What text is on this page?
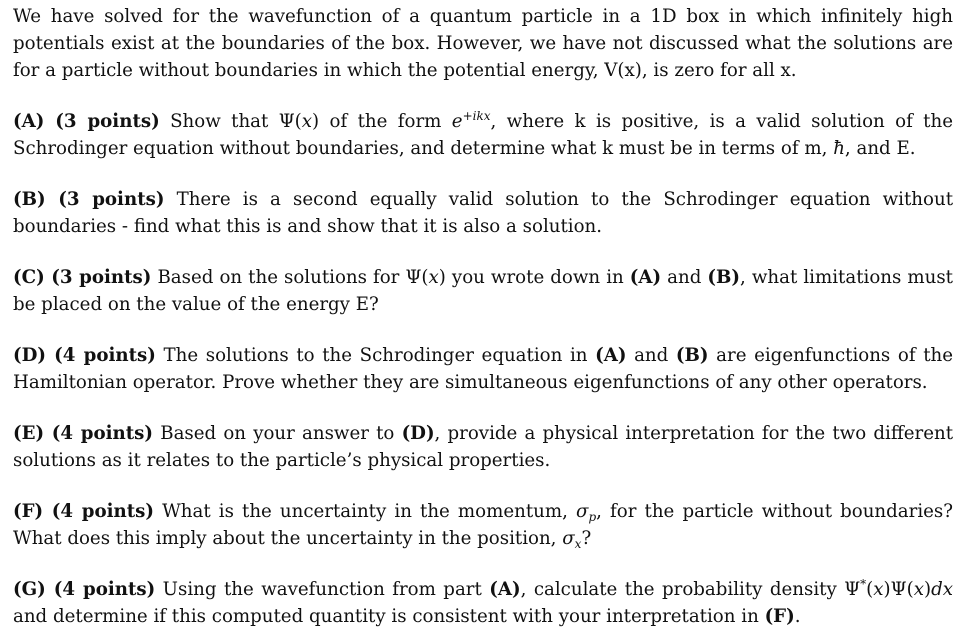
We have solved for the wavefunction of a quantum particle in a 1D box in which infinitely high potentials exist at the boundaries of the box. However, we have not discussed what the solutions are for a particle without boundaries in which the potential energy, V(x), is zero for all x.

(A) (3 points) Show that Ψ(x) of the form $e^{+ikx}$, where k is positive, is a valid solution of the Schrodinger equation without boundaries, and determine what k must be in terms of m, ħ, and E.

(B) (3 points) There is a second equally valid solution to the Schrodinger equation without boundaries - find what this is and show that it is also a solution.

(C) (3 points) Based on the solutions for Ψ(x) you wrote down in (A) and (B), what limitations must be placed on the value of the energy E?

(D) (4 points) The solutions to the Schrodinger equation in (A) and (B) are eigenfunctions of the Hamiltonian operator. Prove whether they are simultaneous eigenfunctions of any other operators.

(E) (4 points) Based on your answer to (D), provide a physical interpretation for the two different solutions as it relates to the particle’s physical properties.

(F) (4 points) What is the uncertainty in the momentum, $\sigma_p$, for the particle without boundaries? What does this imply about the uncertainty in the position, $\sigma_x$?

(G) (4 points) Using the wavefunction from part (A), calculate the probability density Ψ*(x)Ψ(x)dx and determine if this computed quantity is consistent with your interpretation in (F).
